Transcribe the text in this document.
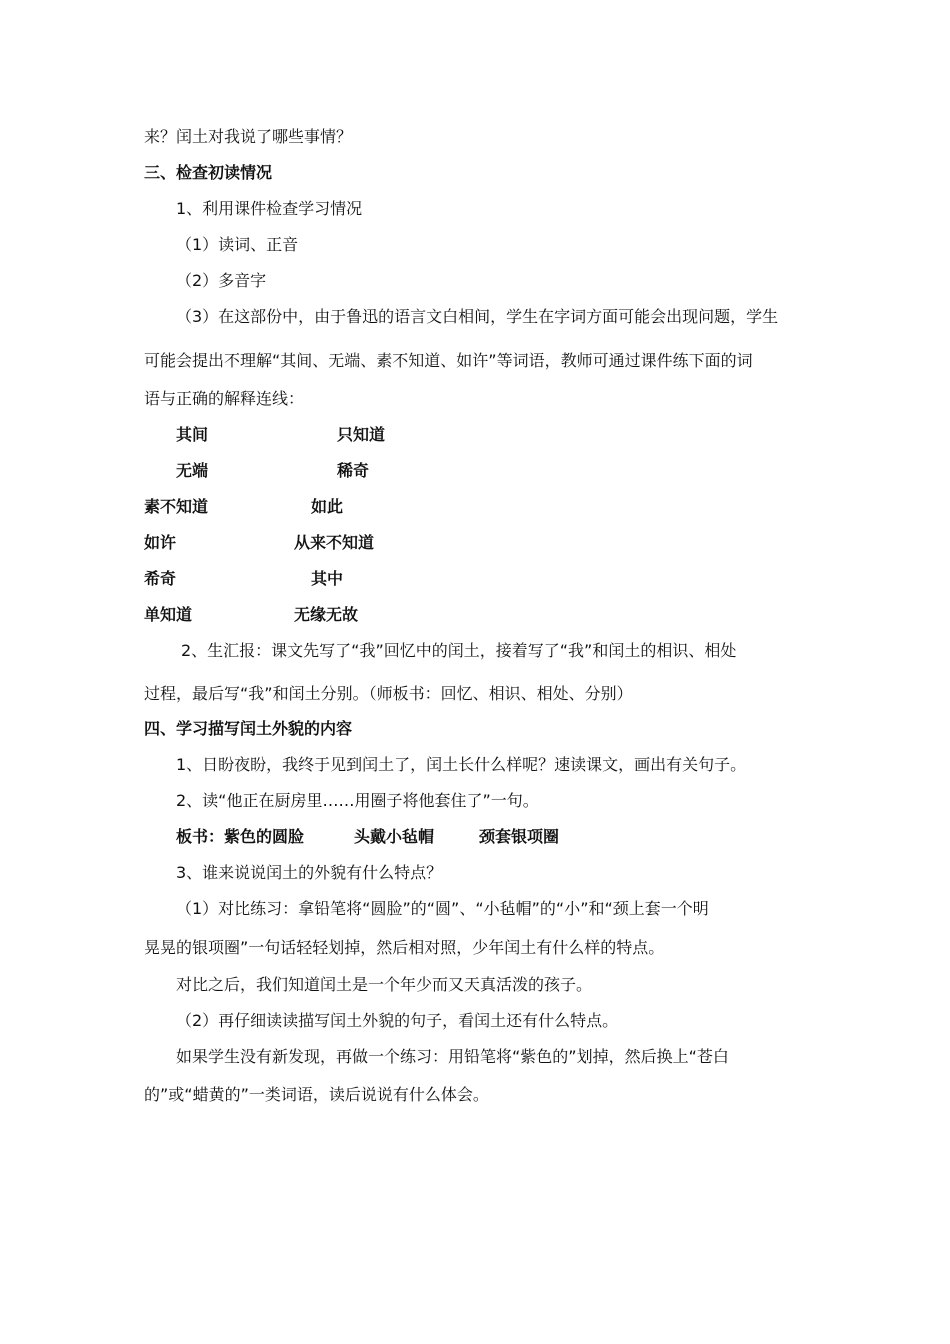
来？闰土对我说了哪些事情？
三、检查初读情况
1、利用课件检查学习情况
（1）读词、正音
（2）多音字
（3）在这部份中，由于鲁迅的语言文白相间，学生在字词方面可能会出现问题，学生
可能会提出不理解“其间、无端、素不知道、如许”等词语，教师可通过课件练下面的词
语与正确的解释连线：
其间	只知道
无端	稀奇
素不知道	如此
如许	从来不知道
希奇	其中
单知道	无缘无故
2、生汇报：课文先写了“我”回忆中的闰土，接着写了“我”和闰土的相识、相处
过程，最后写“我”和闰土分别。（师板书：回忆、相识、相处、分别）
四、学习描写闰土外貌的内容
1、日盼夜盼，我终于见到闰土了，闰土长什么样呢？速读课文，画出有关句子。
2、读“他正在厨房里……用圈子将他套住了”一句。
板书：紫色的圆脸	头戴小毡帽	颈套银项圈
3、谁来说说闰土的外貌有什么特点？
（1）对比练习：拿铅笔将“圆脸”的“圆”、“小毡帽”的“小”和“颈上套一个明
晃晃的银项圈”一句话轻轻划掉，然后相对照，少年闰土有什么样的特点。
对比之后，我们知道闰土是一个年少而又天真活泼的孩子。
（2）再仔细读读描写闰土外貌的句子，看闰土还有什么特点。
如果学生没有新发现，再做一个练习：用铅笔将“紫色的”划掉，然后换上“苍白
的”或“蜡黄的”一类词语，读后说说有什么体会。
